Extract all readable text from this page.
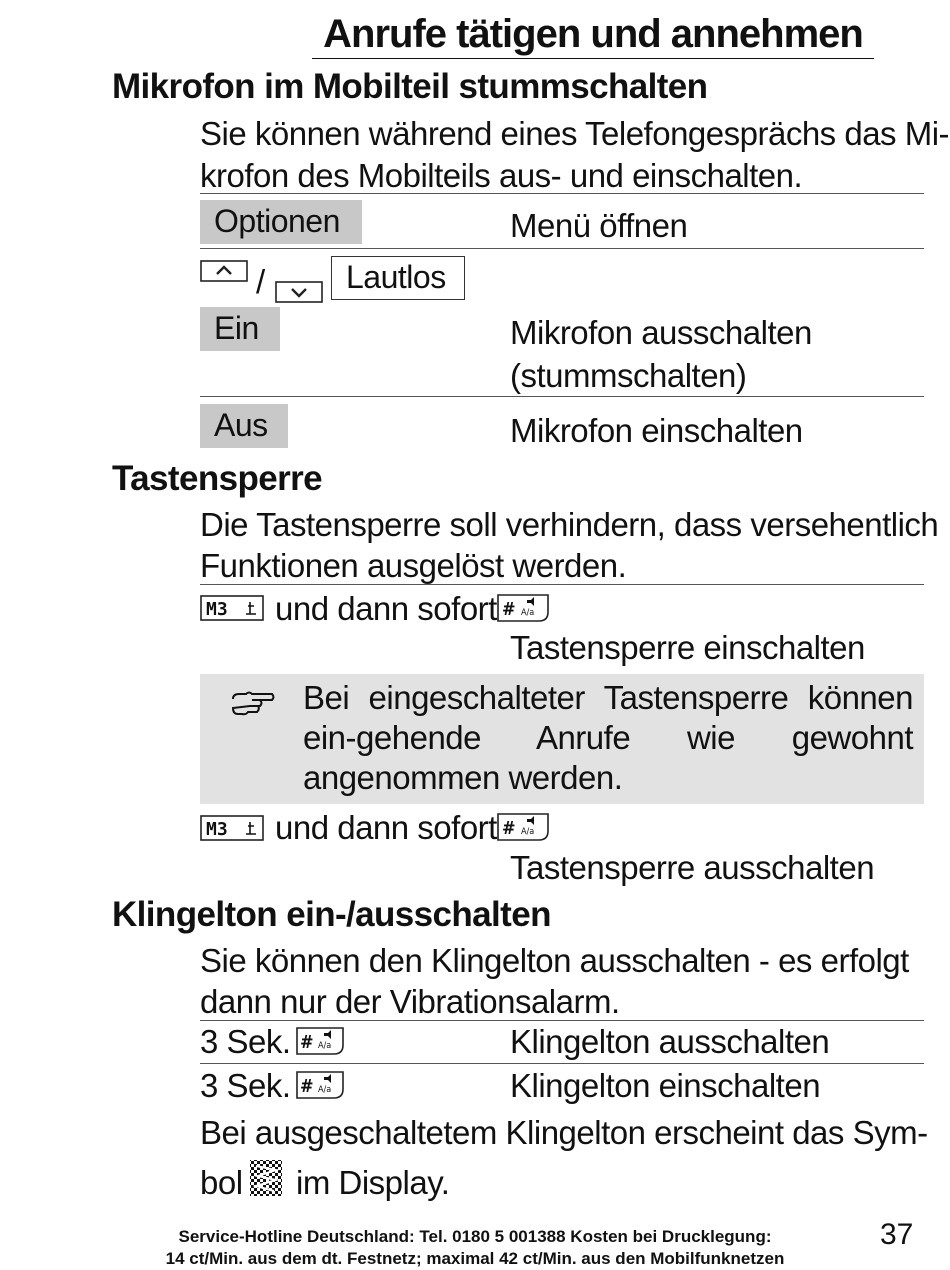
Anrufe tätigen und annehmen
Mikrofon im Mobilteil stummschalten
Sie können während eines Telefongesprächs das Mi-
krofon des Mobilteils aus- und einschalten.
Optionen	Menü öffnen
/	Lautlos
Ein	Mikrofon ausschalten
(stummschalten)
Aus	Mikrofon einschalten
Tastensperre
Die Tastensperre soll verhindern, dass versehentlich
Funktionen ausgelöst werden.
M3 und dann sofort # A/a
Tastensperre einschalten
Bei eingeschalteter Tastensperre können ein-gehende Anrufe wie gewohnt angenommen werden.
M3 und dann sofort # A/a
Tastensperre ausschalten
Klingelton ein-/ausschalten
Sie können den Klingelton ausschalten - es erfolgt
dann nur der Vibrationsalarm.
3 Sek. # A/a	Klingelton ausschalten
3 Sek. # A/a	Klingelton einschalten
Bei ausgeschaltetem Klingelton erscheint das Sym-
bol im Display.
Service-Hotline Deutschland: Tel. 0180 5 001388 Kosten bei Drucklegung:
14 ct/Min. aus dem dt. Festnetz; maximal 42 ct/Min. aus den Mobilfunknetzen
37
